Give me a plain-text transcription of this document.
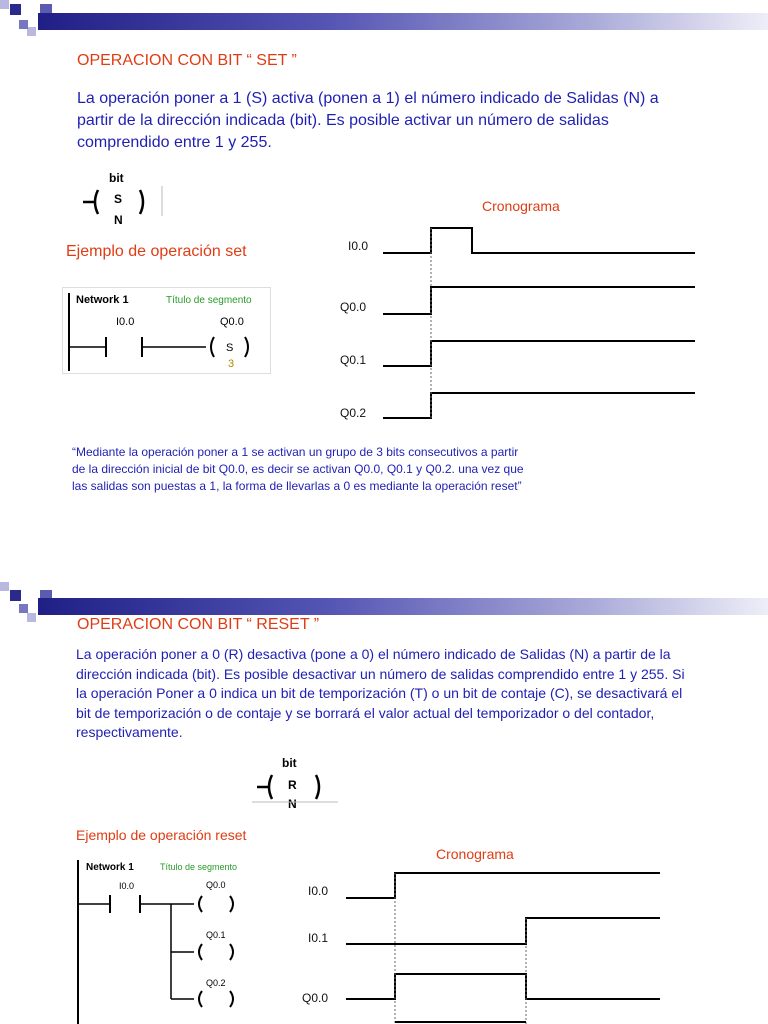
OPERACION CON BIT “ SET ”
La operación poner a 1 (S) activa (ponen a 1) el número indicado de Salidas (N) a partir de la dirección indicada (bit). Es posible activar un número de salidas comprendido entre 1 y 255.
bit
S
N
Ejemplo de operación set
Network 1	Título de segmento
I0.0	Q0.0
S
3
Cronograma
I0.0
Q0.0
Q0.1
Q0.2
“Mediante la operación poner a 1 se activan un grupo de 3 bits consecutivos a partir de la dirección inicial de bit Q0.0, es decir se activan Q0.0, Q0.1 y Q0.2. una vez que las salidas son puestas a 1, la forma de llevarlas a 0 es mediante la operación reset”
OPERACION CON BIT “ RESET ”
La operación poner a 0 (R) desactiva (pone a 0) el número indicado de Salidas (N) a partir de la dirección indicada (bit). Es posible desactivar un número de salidas comprendido entre 1 y 255. Si la operación Poner a 0 indica un bit de temporización (T) o un bit de contaje (C), se desactivará el bit de temporización o de contaje y se borrará el valor actual del temporizador o del contador, respectivamente.
bit
R
N
Ejemplo de operación reset
Network 1	Título de segmento
I0.0	Q0.0
Q0.1
Q0.2
Cronograma
I0.0
I0.1
Q0.0
